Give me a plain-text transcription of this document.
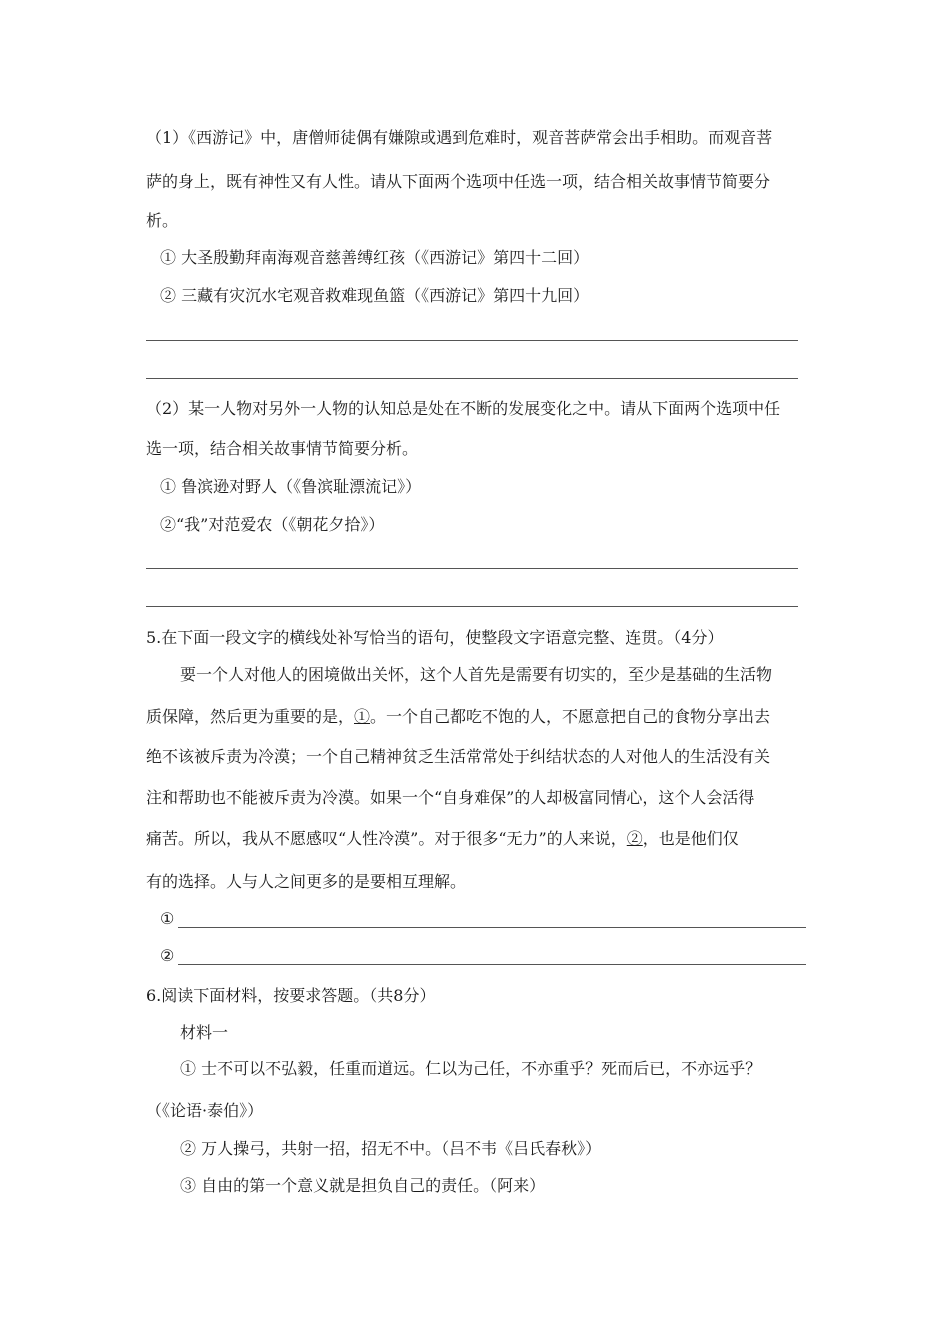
（1）《西游记》中，唐僧师徒偶有嫌隙或遇到危难时，观音菩萨常会出手相助。而观音菩
萨的身上，既有神性又有人性。请从下面两个选项中任选一项，结合相关故事情节简要分
析。
① 大圣殷勤拜南海观音慈善缚红孩（《西游记》第四十二回）
② 三藏有灾沉水宅观音救难现鱼篮（《西游记》第四十九回）
（2）某一人物对另外一人物的认知总是处在不断的发展变化之中。请从下面两个选项中任
选一项，结合相关故事情节简要分析。
① 鲁滨逊对野人（《鲁滨耻漂流记》）
②“我”对范爱农（《朝花夕拾》）
5.在下面一段文字的横线处补写恰当的语句，使整段文字语意完整、连贯。（4分）
要一个人对他人的困境做出关怀，这个人首先是需要有切实的，至少是基础的生活物
质保障，然后更为重要的是，①。一个自己都吃不饱的人，不愿意把自己的食物分享出去
绝不该被斥责为冷漠；一个自己精神贫乏生活常常处于纠结状态的人对他人的生活没有关
注和帮助也不能被斥责为冷漠。如果一个“自身难保”的人却极富同情心，这个人会活得
痛苦。所以，我从不愿感叹“人性冷漠”。对于很多“无力”的人来说，②，也是他们仅
有的选择。人与人之间更多的是要相互理解。
①
②
6.阅读下面材料，按要求答题。（共8分）
材料一
① 士不可以不弘毅，任重而道远。仁以为己任，不亦重乎？死而后已，不亦远乎？
（《论语·泰伯》）
② 万人操弓，共射一招，招无不中。（吕不韦《吕氏春秋》）
③ 自由的第一个意义就是担负自己的责任。（阿来）
